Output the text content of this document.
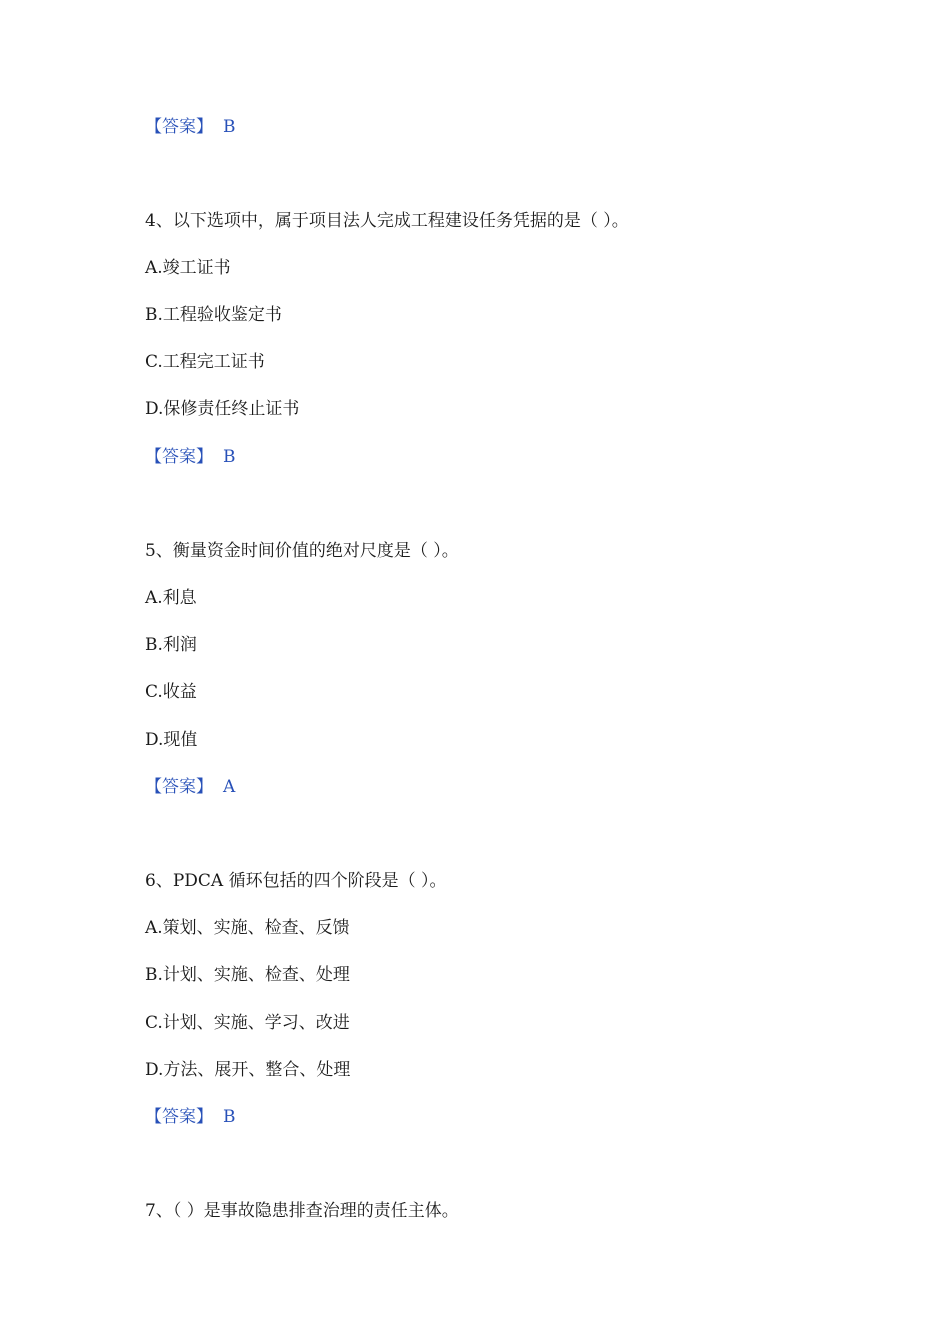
【答案】 B
4、以下选项中，属于项目法人完成工程建设任务凭据的是（ ）。
A.竣工证书
B.工程验收鉴定书
C.工程完工证书
D.保修责任终止证书
【答案】 B
5、衡量资金时间价值的绝对尺度是（ ）。
A.利息
B.利润
C.收益
D.现值
【答案】 A
6、PDCA 循环包括的四个阶段是（ ）。
A.策划、实施、检查、反馈
B.计划、实施、检查、处理
C.计划、实施、学习、改进
D.方法、展开、整合、处理
【答案】 B
7、（ ）是事故隐患排查治理的责任主体。
